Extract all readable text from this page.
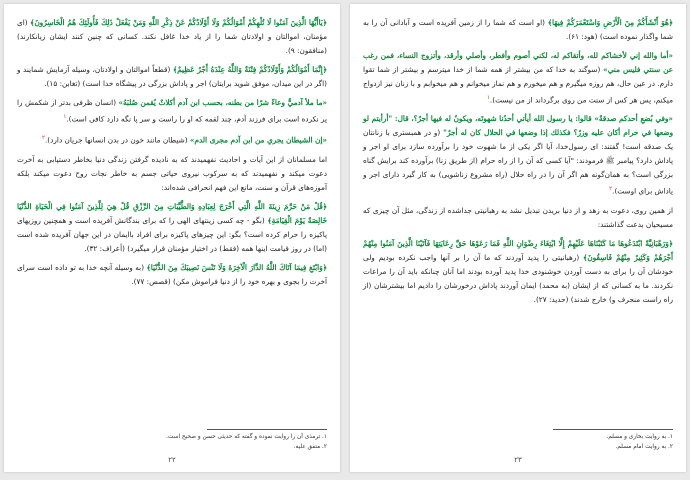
﴿يَاأَيُّهَا الَّذِينَ آمَنُوا لَا تُلْهِكُمْ أَمْوَالُكُمْ وَلَا أَوْلَادُكُمْ عَنْ ذِكْرِ اللَّهِ وَمَنْ يَفْعَلْ ذَلِكَ فَأُولَئِكَ هُمُ الْخَاسِرُونَ﴾ (ای مؤمنان، اموالتان و اولادتان شما را از یاد خدا غافل نکند. کسانی که چنین کنند ایشان زیانکارند) (منافقون: ۹).

﴿إِنَّمَا أَمْوَالُكُمْ وَأَوْلَادُكُمْ فِتْنَةٌ وَاللَّهُ عِنْدَهُ أَجْرٌ عَظِيمٌ﴾ (قطعاً اموالتان و اولادتان، وسیله آزمایش شمایند و (اگر در این میدان، موفق شوید برایتان) اجر و پاداش بزرگی در پیشگاه خدا است) (تغابن: ۱۵).

«ما ملأ آدميٌّ وعاءً شرًا من بطنه، بحسب ابن آدم أكلاتٌ يُقمن صُلبَهُ» (انسان ظرفی بدتر از شکمش را پر نکرده است برای فرزند آدم، چند لقمه که او را راست و سر پا نگه دارد کافی است).$^۱$

«إن الشيطان يجري من ابن آدم مجرى الدم» (شیطان مانند خون در بدن انسانها جریان دارد).$^۲$

اما مسلمانان از این آیات و احادیث نفهمیدند که به نادیده گرفتن زندگی دنیا بخاطر دستیابی به آخرت دعوت میکند و نفهمیدند که به سرکوب نیروی حیاتی جسم به خاطر نجات روح دعوت میکند بلکه آموزه‌های قرآن و سنت، مانع این فهم انحرافی شده‌اند:

﴿قُلْ مَنْ حَرَّمَ زِينَةَ اللَّهِ الَّتِي أَخْرَجَ لِعِبَادِهِ وَالطَّيِّبَاتِ مِنَ الرِّزْقِ قُلْ هِيَ لِلَّذِينَ آمَنُوا فِي الْحَيَاةِ الدُّنْيَا خَالِصَةً يَوْمَ الْقِيَامَةِ﴾ (بگو - چه کسی زینتهای الهی را که برای بندگانش آفریده است و همچنین روزیهای پاکیزه را حرام کرده است؟ بگو: این چیزهای پاکیزه برای افراد باایمان در این جهان آفریده شده است (اما) در روز قیامت اینها همه (فقط) در اختیار مؤمنان قرار میگیرد) (أعراف: ۳۲).

﴿وَابْتَغِ فِيمَا آتَاكَ اللَّهُ الدَّارَ الْآخِرَةَ وَلَا تَنْسَ نَصِيبَكَ مِنَ الدُّنْيَا﴾ (به وسیله آنچه خدا به تو داده است سرای آخرت را بجوی و بهره خود را از دنیا فراموش مکن) (قصص: ۷۷).

۱. ترمذی آن را روایت نموده و گفته که حدیثی حسن و صحیح است.
۲. متفق علیه.
۲۲

﴿هُوَ أَنْشَأَكُمْ مِنَ الْأَرْضِ وَاسْتَعْمَرَكُمْ فِيهَا﴾ (او است که شما را از زمین آفریده است و آبادانی آن را به شما واگذار نموده است) (هود: ۶۱).

«أما والله إني لأخشاكم لله، وأتقاكم له، لكني أصوم وأفطر، وأصلي وأرقد، وأتزوج النساء، فمن رغب عن سنتي فليس مني» (سوگند به خدا که من بیشتر از همه شما از خدا میترسم و بیشتر از شما تقوا دارم. در عین حال، هم روزه میگیرم و هم میخورم و هم نماز میخوانم و هم میخوابم و با زنان نیز ازدواج میکنم، پس هر کس از سنت من روی برگرداند از من نیست).$^۱$

«وفي بُضعِ أحدكم صدقةٌ» قالوا: يا رسول الله أيأتي أحدُنا شهوتَه، ويكونُ له فيها أجرٌ؟، قال: "أرأيتم لو وضعها في حرام أكان عليه وزرٌ؟ فكذلك إذا وضعها في الحلال كان له أجرٌ" (و در همبستری با زنانتان یک صدقه است! گفتند: ای رسول‌خدا، آیا اگر یکی از ما شهوت خود را برآورده سازد برای او اجر و پاداش دارد؟ پیامبر ﷺ فرمودند: "آیا کسی که آن را از راه حرام (از طریق زنا) برآورده کند برایش گناه بزرگی است؟ به همان‌گونه هم اگر آن را در راه حلال (راه مشروع زناشویی) به کار گیرد دارای اجر و پاداش برای اوست).$^۲$

از همین روی، دعوت به زهد و از دنیا بریدن تبدیل نشد به رهبانیتی جداشده از زندگی، مثل آن چیزی که مسیحیان بدعت گذاشتند:

﴿وَرَهْبَانِيَّةً ابْتَدَعُوهَا مَا كَتَبْنَاهَا عَلَيْهِمْ إِلَّا ابْتِغَاءَ رِضْوَانِ اللَّهِ فَمَا رَعَوْهَا حَقَّ رِعَايَتِهَا فَآتَيْنَا الَّذِينَ آمَنُوا مِنْهُمْ أَجْرَهُمْ وَكَثِيرٌ مِنْهُمْ فَاسِقُونَ﴾ (رهبانیتی را پدید آوردند که ما آن را بر آنها واجب نکرده بودیم ولی خودشان آن را برای به دست آوردن خوشنودی خدا پدید آورده بودند اما آنان چنانکه باید آن را مراعات نکردند. ما به کسانی که از ایشان (به محمد) ایمان آوردند پاداش درخورشان را دادیم اما بیشترشان (از راه راست منحرف و) خارج شدند) (حدید: ۲۷).

۱. به روایت بخاری و مسلم.
۲. به روایت امام مسلم.
۲۳
